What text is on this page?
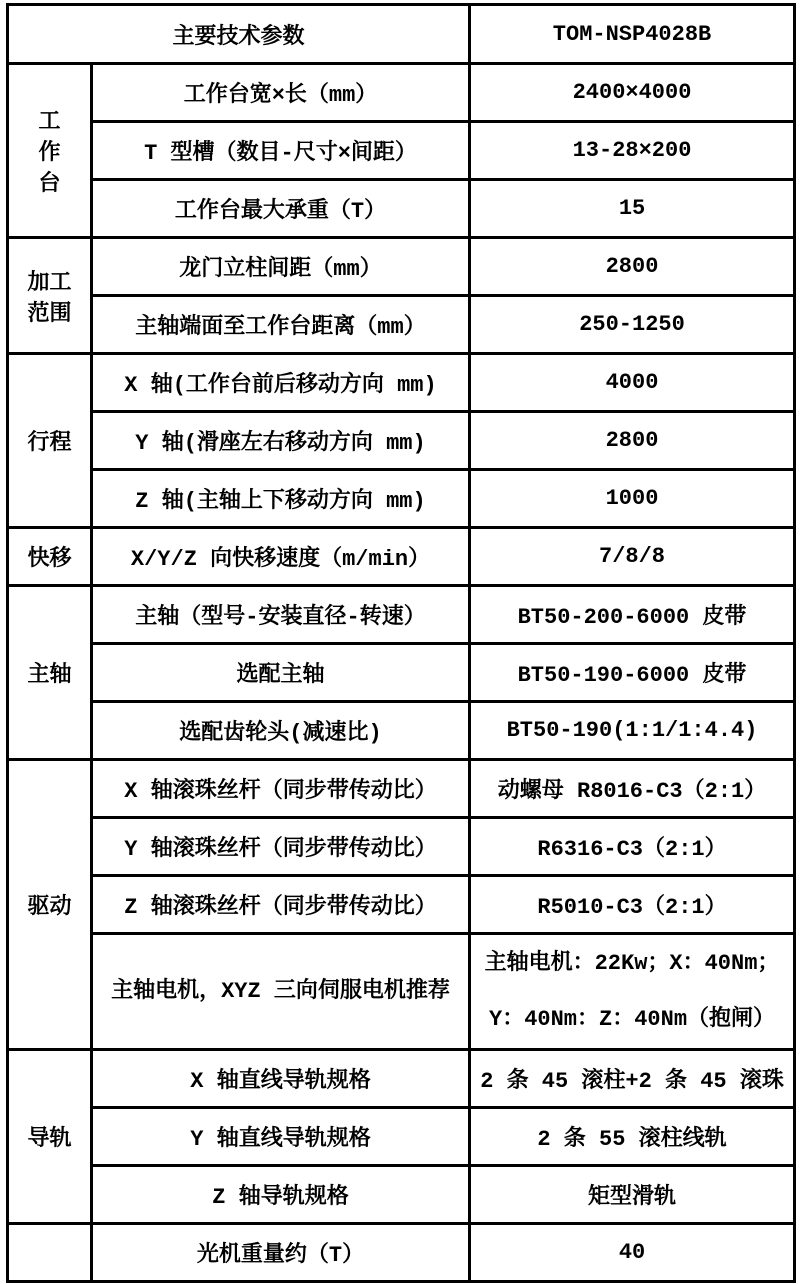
主要技术参数		TOM-NSP4028B

工
作
台	工作台宽×长（mm）	2400×4000
	T 型槽（数目-尺寸×间距）	13-28×200
	工作台最大承重（T）	15

加工
范围	龙门立柱间距（mm）	2800
	主轴端面至工作台距离（mm）	250-1250
行程	X 轴(工作台前后移动方向 mm)	4000
	Y 轴(滑座左右移动方向 mm)	2800
	Z 轴(主轴上下移动方向 mm)	1000
快移	X/Y/Z 向快移速度（m/min）	7/8/8
主轴	主轴（型号-安装直径-转速）	BT50-200-6000 皮带
	选配主轴	BT50-190-6000 皮带
	选配齿轮头(减速比)	BT50-190(1:1/1:4.4)
驱动	X 轴滚珠丝杆（同步带传动比）	动螺母 R8016-C3（2:1）
	Y 轴滚珠丝杆（同步带传动比）	R6316-C3（2:1）
	Z 轴滚珠丝杆（同步带传动比）	R5010-C3（2:1）
	主轴电机，XYZ 三向伺服电机推荐	主轴电机：22Kw；X：40Nm；Y：40Nm：Z：40Nm（抱闸）
导轨	X 轴直线导轨规格	2 条 45 滚柱+2 条 45 滚珠
	Y 轴直线导轨规格	2 条 55 滚柱线轨
	Z 轴导轨规格	矩型滑轨
	光机重量约（T）	40
